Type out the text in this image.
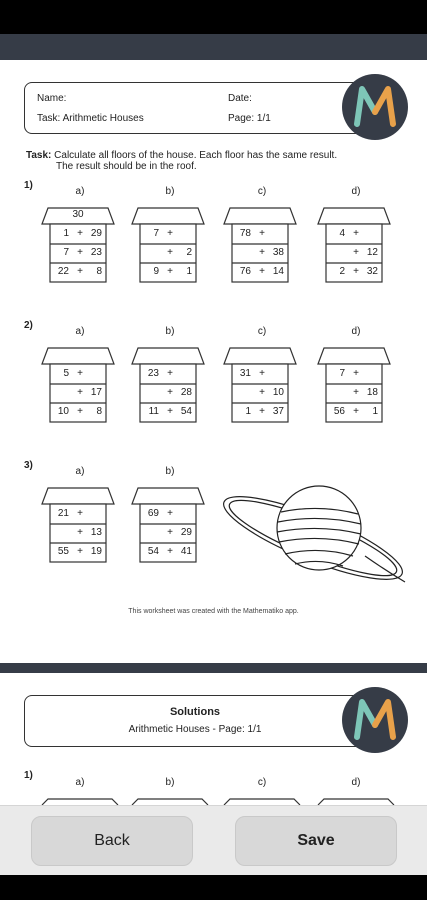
Name:	Date:
Task: Arithmetic Houses	Page: 1/1
Task: Calculate all floors of the house. Each floor has the same result.
The result should be in the roof.
1)
a)
30
1 + 29
7 + 23
22 +	8
b)
7 +
+	2
9 +	1
c)
78 +
+ 38
76 + 14
d)
4 +
+ 12
2 + 32
2)
a)
5 +
+ 17
10 +	8
b)
23 +
+ 28
11 + 54
c)
31 +
+ 10
1 + 37
d)
7 +
+ 18
56 +	1
3)
a)
21 +
+ 13
55 + 19
b)
69 +
+ 29
54 + 41
This worksheet was created with the Mathematiko app.
Solutions
Arithmetic Houses - Page: 1/1
1)
a)	b)	c)	d)
Back	Save
